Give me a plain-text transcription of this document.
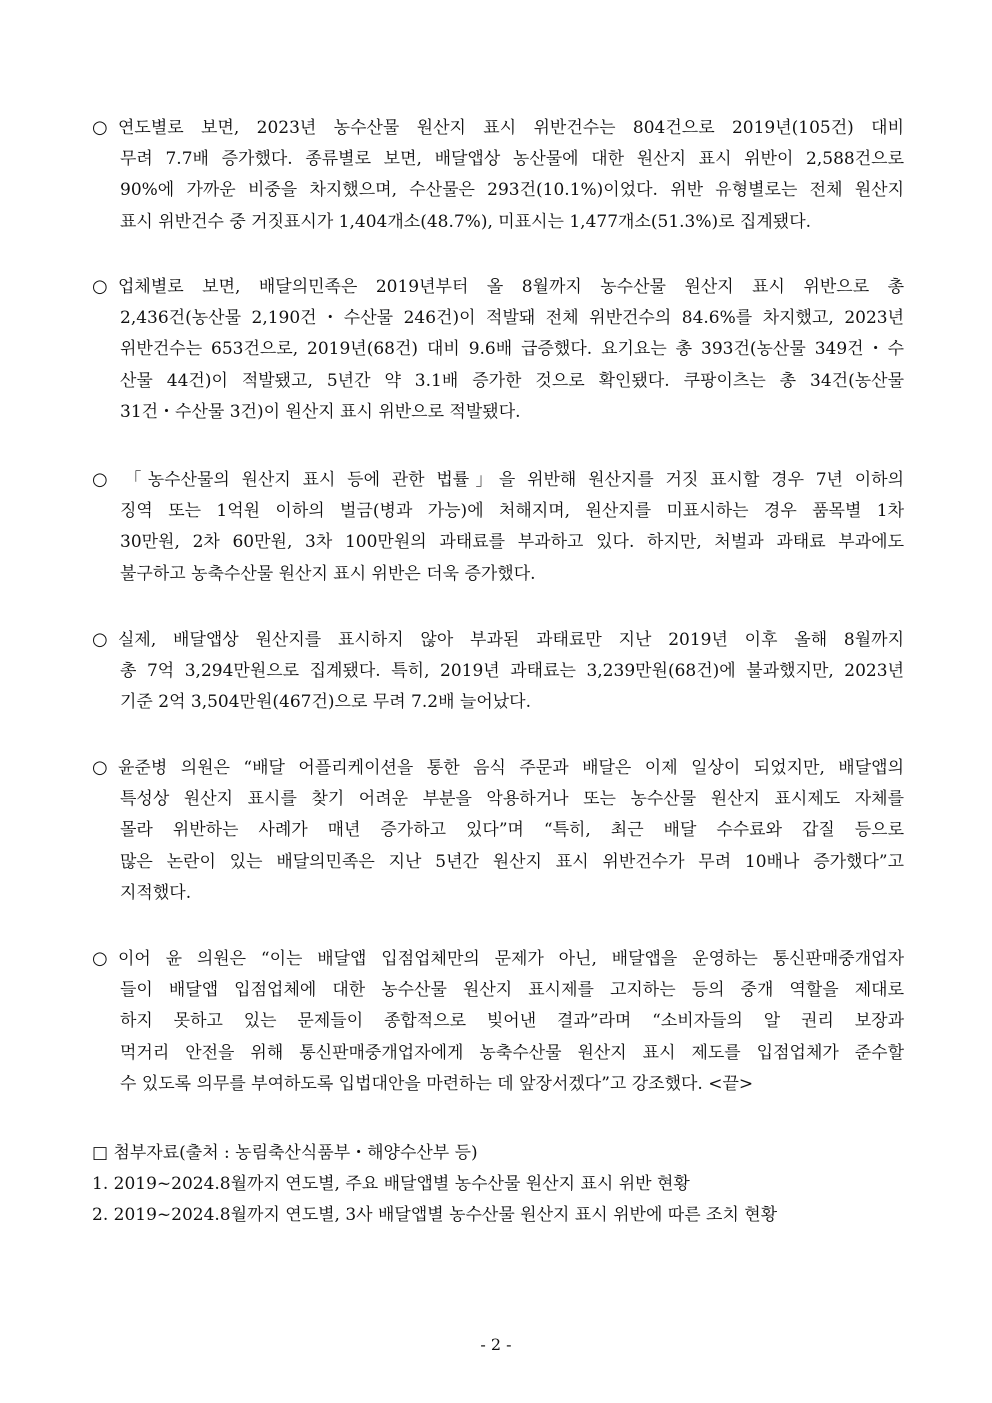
○ 연도별로 보면, 2023년 농수산물 원산지 표시 위반건수는 804건으로 2019년(105건) 대비
무려 7.7배 증가했다. 종류별로 보면, 배달앱상 농산물에 대한 원산지 표시 위반이 2,588건으로
90%에 가까운 비중을 차지했으며, 수산물은 293건(10.1%)이었다. 위반 유형별로는 전체 원산지
표시 위반건수 중 거짓표시가 1,404개소(48.7%), 미표시는 1,477개소(51.3%)로 집계됐다.
○ 업체별로 보면, 배달의민족은 2019년부터 올 8월까지 농수산물 원산지 표시 위반으로 총
2,436건(농산물 2,190건・수산물 246건)이 적발돼 전체 위반건수의 84.6%를 차지했고, 2023년
위반건수는 653건으로, 2019년(68건) 대비 9.6배 급증했다. 요기요는 총 393건(농산물 349건・수
산물 44건)이 적발됐고, 5년간 약 3.1배 증가한 것으로 확인됐다. 쿠팡이츠는 총 34건(농산물
31건・수산물 3건)이 원산지 표시 위반으로 적발됐다.
○ 「농수산물의 원산지 표시 등에 관한 법률」을 위반해 원산지를 거짓 표시할 경우 7년 이하의
징역 또는 1억원 이하의 벌금(병과 가능)에 처해지며, 원산지를 미표시하는 경우 품목별 1차
30만원, 2차 60만원, 3차 100만원의 과태료를 부과하고 있다. 하지만, 처벌과 과태료 부과에도
불구하고 농축수산물 원산지 표시 위반은 더욱 증가했다.
○ 실제, 배달앱상 원산지를 표시하지 않아 부과된 과태료만 지난 2019년 이후 올해 8월까지
총 7억 3,294만원으로 집계됐다. 특히, 2019년 과태료는 3,239만원(68건)에 불과했지만, 2023년
기준 2억 3,504만원(467건)으로 무려 7.2배 늘어났다.
○ 윤준병 의원은 “배달 어플리케이션을 통한 음식 주문과 배달은 이제 일상이 되었지만, 배달앱의
특성상 원산지 표시를 찾기 어려운 부분을 악용하거나 또는 농수산물 원산지 표시제도 자체를
몰라 위반하는 사례가 매년 증가하고 있다”며 “특히, 최근 배달 수수료와 갑질 등으로
많은 논란이 있는 배달의민족은 지난 5년간 원산지 표시 위반건수가 무려 10배나 증가했다”고
지적했다.
○ 이어 윤 의원은 “이는 배달앱 입점업체만의 문제가 아닌, 배달앱을 운영하는 통신판매중개업자
들이 배달앱 입점업체에 대한 농수산물 원산지 표시제를 고지하는 등의 중개 역할을 제대로
하지 못하고 있는 문제들이 종합적으로 빚어낸 결과”라며 “소비자들의 알 권리 보장과
먹거리 안전을 위해 통신판매중개업자에게 농축수산물 원산지 표시 제도를 입점업체가 준수할
수 있도록 의무를 부여하도록 입법대안을 마련하는 데 앞장서겠다”고 강조했다. <끝>
□ 첨부자료(출처 : 농림축산식품부・해양수산부 등)
1. 2019~2024.8월까지 연도별, 주요 배달앱별 농수산물 원산지 표시 위반 현황
2. 2019~2024.8월까지 연도별, 3사 배달앱별 농수산물 원산지 표시 위반에 따른 조치 현황
- 2 -
